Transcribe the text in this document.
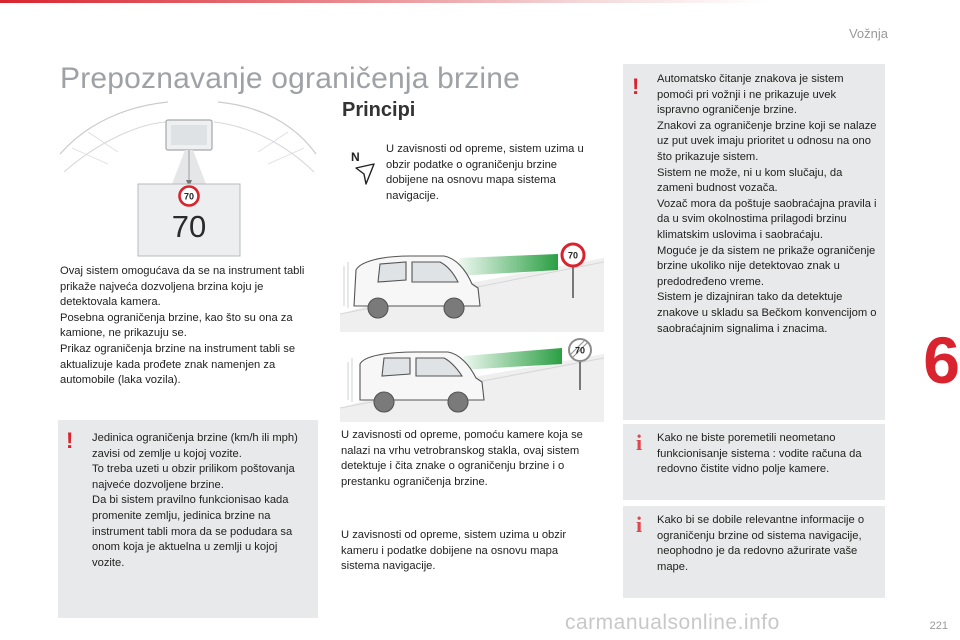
Vožnja
Prepoznavanje ograničenja brzine
70
70
Ovaj sistem omogućava da se na instrument tabli prikaže najveća dozvoljena brzina koju je detektovala kamera.
Posebna ograničenja brzine, kao što su ona za kamione, ne prikazuju se.
Prikaz ograničenja brzine na instrument tabli se aktualizuje kada prođete znak namenjen za automobile (laka vozila).
! Jedinica ograničenja brzine (km/h ili mph) zavisi od zemlje u kojoj vozite.
To treba uzeti u obzir prilikom poštovanja najveće dozvoljene brzine.
Da bi sistem pravilno funkcionisao kada promenite zemlju, jedinica brzine na instrument tabli mora da se podudara sa onom koja je aktuelna u zemlji u kojoj vozite.
Principi
N
U zavisnosti od opreme, sistem uzima u obzir podatke o ograničenju brzine dobijene na osnovu mapa sistema navigacije.
70
70
U zavisnosti od opreme, pomoću kamere koja se nalazi na vrhu vetrobranskog stakla, ovaj sistem detektuje i čita znake o ograničenju brzine i o prestanku ograničenja brzine.
U zavisnosti od opreme, sistem uzima u obzir kameru i podatke dobijene na osnovu mapa sistema navigacije.
! Automatsko čitanje znakova je sistem pomoći pri vožnji i ne prikazuje uvek ispravno ograničenje brzine.
Znakovi za ograničenje brzine koji se nalaze uz put uvek imaju prioritet u odnosu na ono što prikazuje sistem.
Sistem ne može, ni u kom slučaju, da zameni budnost vozača.
Vozač mora da poštuje saobraćajna pravila i da u svim okolnostima prilagodi brzinu klimatskim uslovima i saobraćaju.
Moguće je da sistem ne prikaže ograničenje brzine ukoliko nije detektovao znak u predodređeno vreme.
Sistem je dizajniran tako da detektuje znakove u skladu sa Bečkom konvencijom o saobraćajnim signalima i znacima.
i Kako ne biste poremetili neometano funkcionisanje sistema : vodite računa da redovno čistite vidno polje kamere.
i Kako bi se dobile relevantne informacije o ograničenju brzine od sistema navigacije, neophodno je da redovno ažurirate vaše mape.
6
221
carmanualsonline.info
